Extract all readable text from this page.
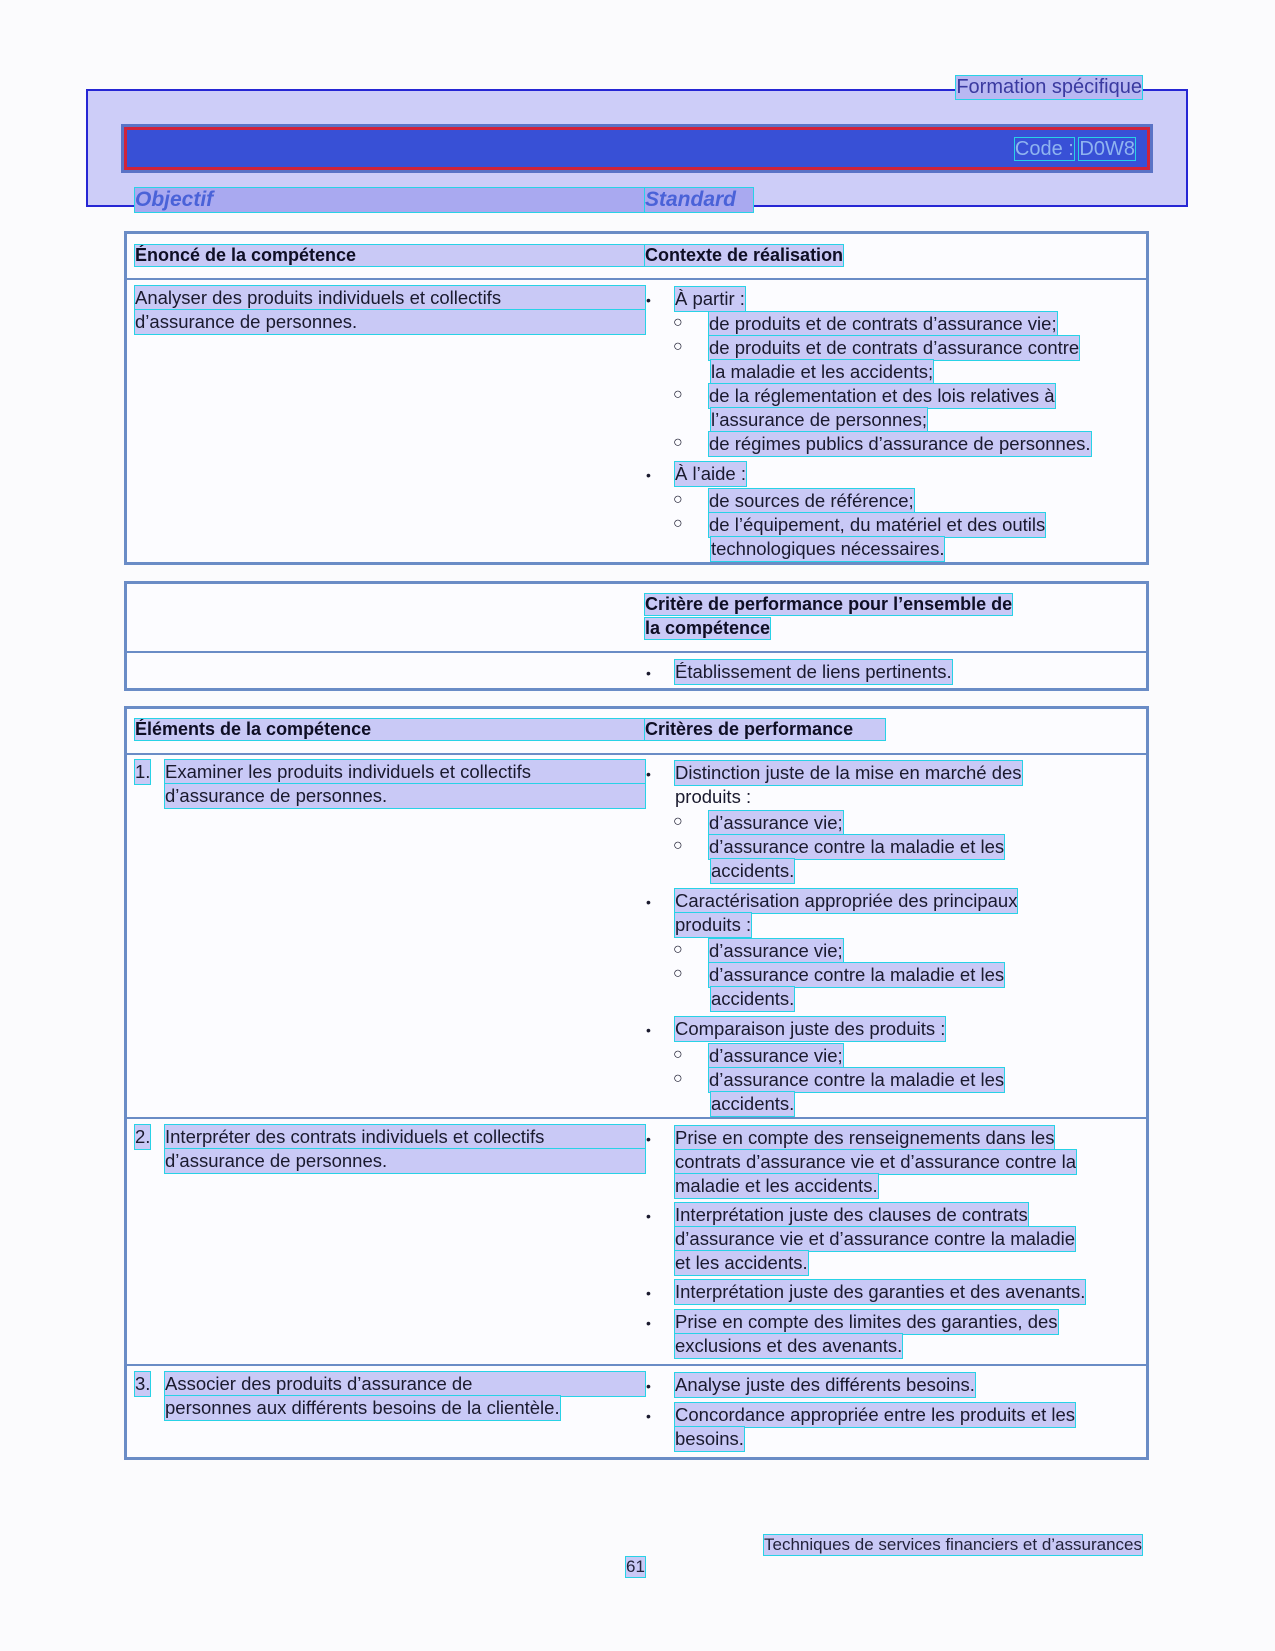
Formation spécifique
Code : D0W8
Objectif	Standard
Énoncé de la compétence	Contexte de réalisation
Analyser des produits individuels et collectifs
d’assurance de personnes.
• À partir :
○ de produits et de contrats d’assurance vie;
○ de produits et de contrats d’assurance contre
la maladie et les accidents;
○ de la réglementation et des lois relatives à
l’assurance de personnes;
○ de régimes publics d’assurance de personnes.
• À l’aide :
○ de sources de référence;
○ de l’équipement, du matériel et des outils
technologiques nécessaires.
Critère de performance pour l’ensemble de
la compétence
• Établissement de liens pertinents.
Éléments de la compétence	Critères de performance
1. Examiner les produits individuels et collectifs
d’assurance de personnes.
• Distinction juste de la mise en marché des
produits :
○ d’assurance vie;
○ d’assurance contre la maladie et les
accidents.
• Caractérisation appropriée des principaux
produits :
○ d’assurance vie;
○ d’assurance contre la maladie et les
accidents.
• Comparaison juste des produits :
○ d’assurance vie;
○ d’assurance contre la maladie et les
accidents.
2. Interpréter des contrats individuels et collectifs
d’assurance de personnes.
• Prise en compte des renseignements dans les
contrats d’assurance vie et d’assurance contre la
maladie et les accidents.
• Interprétation juste des clauses de contrats
d’assurance vie et d’assurance contre la maladie
et les accidents.
• Interprétation juste des garanties et des avenants.
• Prise en compte des limites des garanties, des
exclusions et des avenants.
3. Associer des produits d’assurance de
personnes aux différents besoins de la clientèle.
• Analyse juste des différents besoins.
• Concordance appropriée entre les produits et les
besoins.
Techniques de services financiers et d’assurances
61
